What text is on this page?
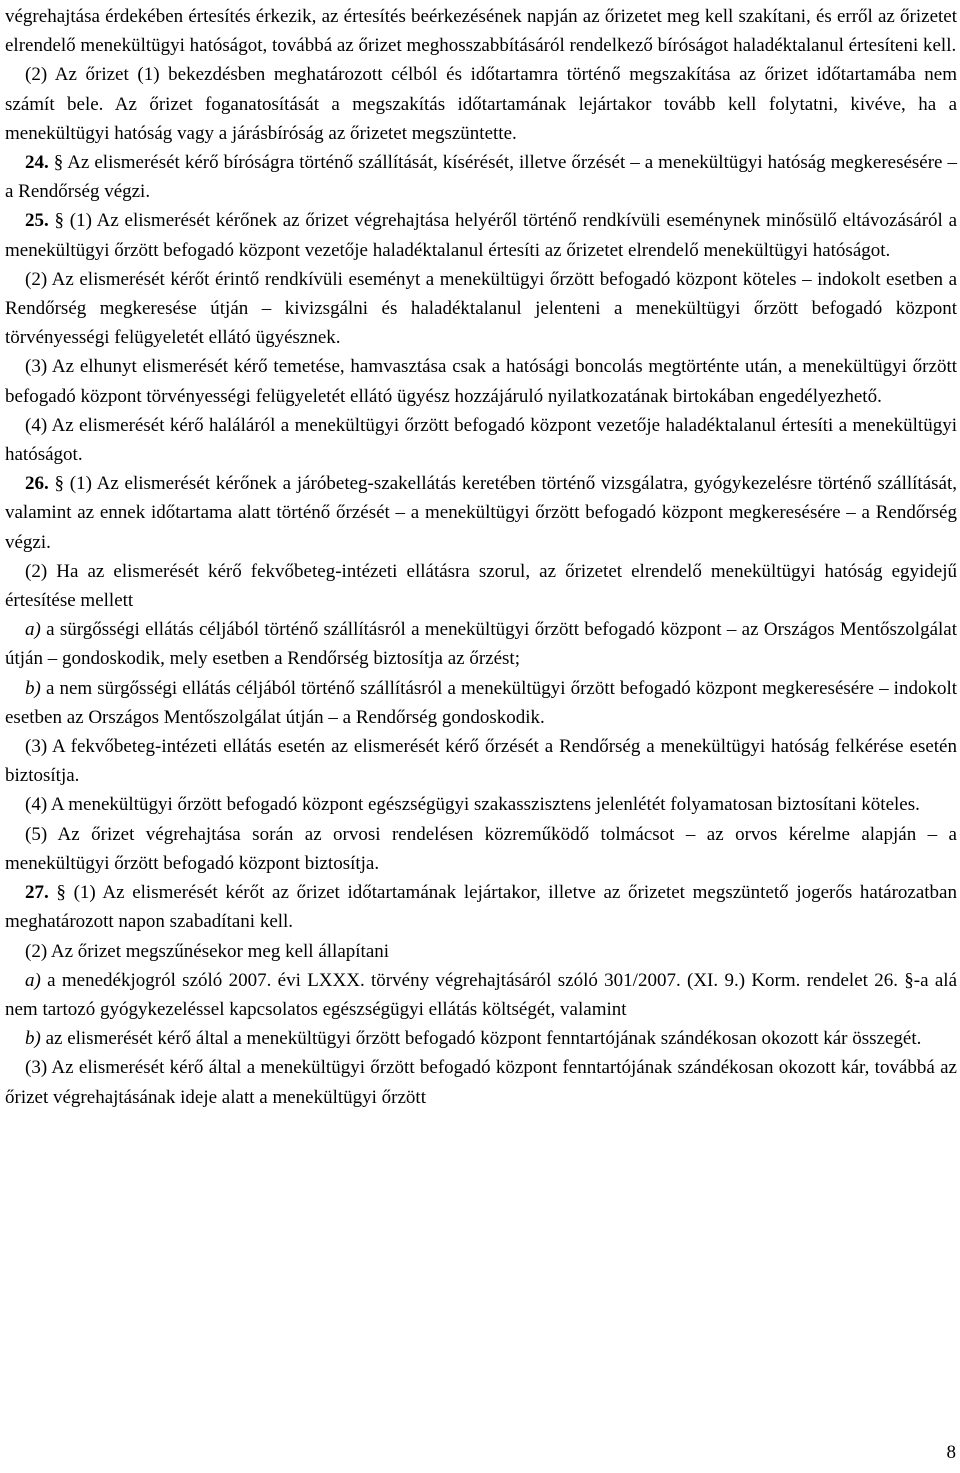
végrehajtása érdekében értesítés érkezik, az értesítés beérkezésének napján az őrizetet meg kell szakítani, és erről az őrizetet elrendelő menekültügyi hatóságot, továbbá az őrizet meghosszabbításáról rendelkező bíróságot haladéktalanul értesíteni kell.

(2) Az őrizet (1) bekezdésben meghatározott célból és időtartamra történő megszakítása az őrizet időtartamába nem számít bele. Az őrizet foganatosítását a megszakítás időtartamának lejártakor tovább kell folytatni, kivéve, ha a menekültügyi hatóság vagy a járásbíróság az őrizetet megszüntette.

24. § Az elismerését kérő bíróságra történő szállítását, kísérését, illetve őrzését – a menekültügyi hatóság megkeresésére – a Rendőrség végzi.

25. § (1) Az elismerését kérőnek az őrizet végrehajtása helyéről történő rendkívüli eseménynek minősülő eltávozásáról a menekültügyi őrzött befogadó központ vezetője haladéktalanul értesíti az őrizetet elrendelő menekültügyi hatóságot.

(2) Az elismerését kérőt érintő rendkívüli eseményt a menekültügyi őrzött befogadó központ köteles – indokolt esetben a Rendőrség megkeresése útján – kivizsgálni és haladéktalanul jelenteni a menekültügyi őrzött befogadó központ törvényességi felügyeletét ellátó ügyésznek.

(3) Az elhunyt elismerését kérő temetése, hamvasztása csak a hatósági boncolás megtörténte után, a menekültügyi őrzött befogadó központ törvényességi felügyeletét ellátó ügyész hozzájáruló nyilatkozatának birtokában engedélyezhető.

(4) Az elismerését kérő haláláról a menekültügyi őrzött befogadó központ vezetője haladéktalanul értesíti a menekültügyi hatóságot.

26. § (1) Az elismerését kérőnek a járóbeteg-szakellátás keretében történő vizsgálatra, gyógykezelésre történő szállítását, valamint az ennek időtartama alatt történő őrzését – a menekültügyi őrzött befogadó központ megkeresésére – a Rendőrség végzi.

(2) Ha az elismerését kérő fekvőbeteg-intézeti ellátásra szorul, az őrizetet elrendelő menekültügyi hatóság egyidejű értesítése mellett

a) a sürgősségi ellátás céljából történő szállításról a menekültügyi őrzött befogadó központ – az Országos Mentőszolgálat útján – gondoskodik, mely esetben a Rendőrség biztosítja az őrzést;

b) a nem sürgősségi ellátás céljából történő szállításról a menekültügyi őrzött befogadó központ megkeresésére – indokolt esetben az Országos Mentőszolgálat útján – a Rendőrség gondoskodik.

(3) A fekvőbeteg-intézeti ellátás esetén az elismerését kérő őrzését a Rendőrség a menekültügyi hatóság felkérése esetén biztosítja.

(4) A menekültügyi őrzött befogadó központ egészségügyi szakasszisztens jelenlétét folyamatosan biztosítani köteles.

(5) Az őrizet végrehajtása során az orvosi rendelésen közreműködő tolmácsot – az orvos kérelme alapján – a menekültügyi őrzött befogadó központ biztosítja.

27. § (1) Az elismerését kérőt az őrizet időtartamának lejártakor, illetve az őrizetet megszüntető jogerős határozatban meghatározott napon szabadítani kell.

(2) Az őrizet megszűnésekor meg kell állapítani

a) a menedékjogról szóló 2007. évi LXXX. törvény végrehajtásáról szóló 301/2007. (XI. 9.) Korm. rendelet 26. §-a alá nem tartozó gyógykezeléssel kapcsolatos egészségügyi ellátás költségét, valamint

b) az elismerését kérő által a menekültügyi őrzött befogadó központ fenntartójának szándékosan okozott kár összegét.

(3) Az elismerését kérő által a menekültügyi őrzött befogadó központ fenntartójának szándékosan okozott kár, továbbá az őrizet végrehajtásának ideje alatt a menekültügyi őrzött

8
